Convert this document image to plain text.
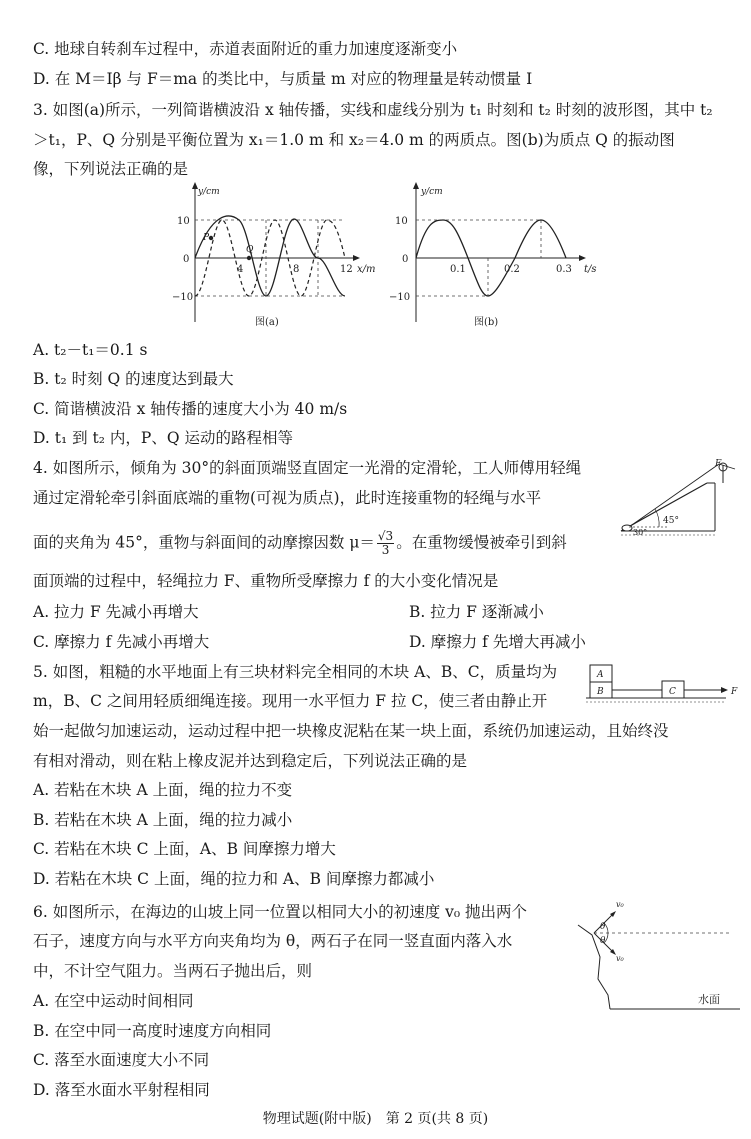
C. 地球自转刹车过程中，赤道表面附近的重力加速度逐渐变小
D. 在 M＝Iβ 与 F＝ma 的类比中，与质量 m 对应的物理量是转动惯量 I
3. 如图(a)所示，一列简谐横波沿 x 轴传播，实线和虚线分别为 t₁ 时刻和 t₂ 时刻的波形图，其中 t₂
＞t₁，P、Q 分别是平衡位置为 x₁＝1.0 m 和 x₂＝4.0 m 的两质点。图(b)为质点 Q 的振动图
像，下列说法正确的是
y/cm
10
0
−10
4	8	12 x/m
P
Q
图(a)
y/cm
10
0
−10
0.1	0.2	0.3 t/s
图(b)
A. t₂－t₁＝0.1 s
B. t₂ 时刻 Q 的速度达到最大
C. 简谐横波沿 x 轴传播的速度大小为 40 m/s
D. t₁ 到 t₂ 内，P、Q 运动的路程相等
4. 如图所示，倾角为 30°的斜面顶端竖直固定一光滑的定滑轮，工人师傅用轻绳
通过定滑轮牵引斜面底端的重物(可视为质点)，此时连接重物的轻绳与水平
面的夹角为 45°，重物与斜面间的动摩擦因数 $\mu= \frac{√3}{3}$ 。在重物缓慢被牵引到斜
面顶端的过程中，轻绳拉力 F、重物所受摩擦力 f 的大小变化情况是
F
45°
30°
A. 拉力 F 先减小再增大	B. 拉力 F 逐渐减小
C. 摩擦力 f 先减小再增大	D. 摩擦力 f 先增大再减小
5. 如图，粗糙的水平地面上有三块材料完全相同的木块 A、B、C，质量均为
m，B、C 之间用轻质细绳连接。现用一水平恒力 F 拉 C，使三者由静止开
始一起做匀加速运动，运动过程中把一块橡皮泥粘在某一块上面，系统仍加速运动，且始终没
有相对滑动，则在粘上橡皮泥并达到稳定后，下列说法正确的是
A
B	C	F
A. 若粘在木块 A 上面，绳的拉力不变
B. 若粘在木块 A 上面，绳的拉力减小
C. 若粘在木块 C 上面，A、B 间摩擦力增大
D. 若粘在木块 C 上面，绳的拉力和 A、B 间摩擦力都减小
6. 如图所示，在海边的山坡上同一位置以相同大小的初速度 v₀ 抛出两个
石子，速度方向与水平方向夹角均为 θ，两石子在同一竖直面内落入水
中，不计空气阻力。当两石子抛出后，则
v₀
v₀
θ
θ
水面
A. 在空中运动时间相同
B. 在空中同一高度时速度方向相同
C. 落至水面速度大小不同
D. 落至水面水平射程相同
物理试题(附中版)　第 2 页(共 8 页)
